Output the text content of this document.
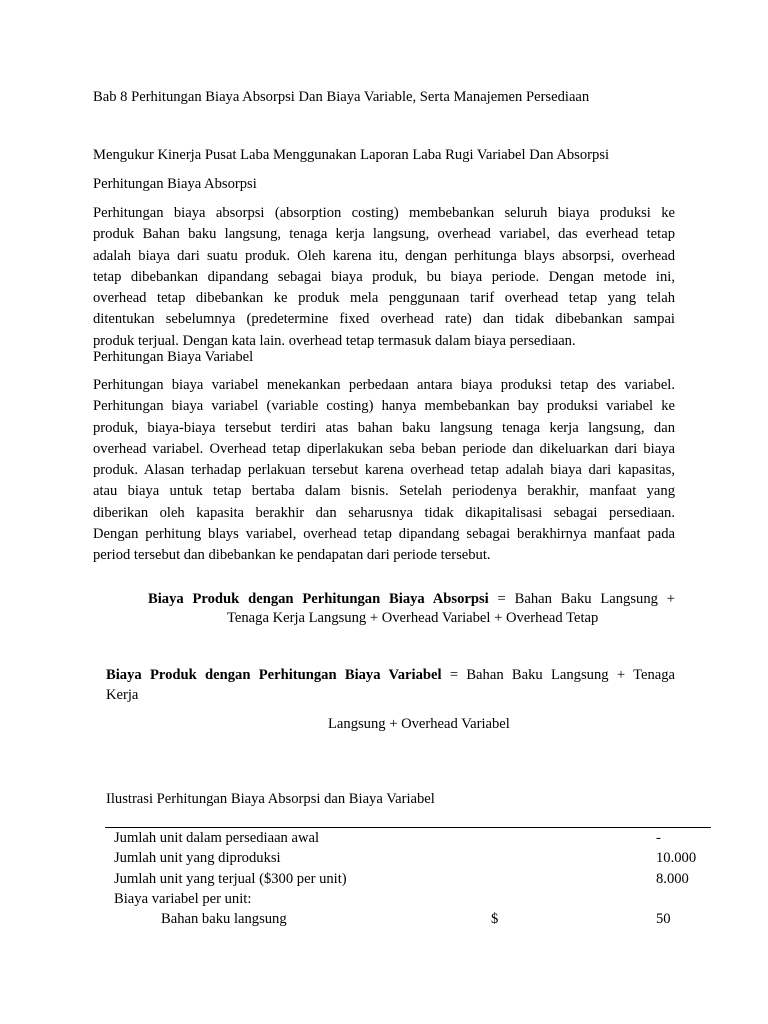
Bab 8 Perhitungan Biaya Absorpsi Dan Biaya Variable, Serta Manajemen Persediaan
Mengukur Kinerja Pusat Laba Menggunakan Laporan Laba Rugi Variabel Dan Absorpsi
Perhitungan Biaya Absorpsi
Perhitungan biaya absorpsi (absorption costing) membebankan seluruh biaya produksi ke
produk Bahan baku langsung, tenaga kerja langsung, overhead variabel, das everhead tetap
adalah biaya dari suatu produk. Oleh karena itu, dengan perhitunga blays absorpsi, overhead
tetap dibebankan dipandang sebagai biaya produk, bu biaya periode. Dengan metode ini,
overhead tetap dibebankan ke produk mela penggunaan tarif overhead tetap yang telah
ditentukan sebelumnya (predetermine fixed overhead rate) dan tidak dibebankan sampai
produk terjual. Dengan kata lain. overhead tetap termasuk dalam biaya persediaan.
Perhitungan Biaya Variabel
Perhitungan biaya variabel menekankan perbedaan antara biaya produksi tetap des variabel.
Perhitungan biaya variabel (variable costing) hanya membebankan bay produksi variabel ke
produk, biaya-biaya tersebut terdiri atas bahan baku langsung tenaga kerja langsung, dan
overhead variabel. Overhead tetap diperlakukan seba beban periode dan dikeluarkan dari biaya
produk. Alasan terhadap perlakuan tersebut karena overhead tetap adalah biaya dari kapasitas,
atau biaya untuk tetap bertaba dalam bisnis. Setelah periodenya berakhir, manfaat yang
diberikan oleh kapasita berakhir dan seharusnya tidak dikapitalisasi sebagai persediaan.
Dengan perhitung blays variabel, overhead tetap dipandang sebagai berakhirnya manfaat pada
period tersebut dan dibebankan ke pendapatan dari periode tersebut.
Biaya Produk dengan Perhitungan Biaya Absorpsi = Bahan Baku Langsung +
Tenaga Kerja Langsung + Overhead Variabel + Overhead Tetap
Biaya Produk dengan Perhitungan Biaya Variabel = Bahan Baku Langsung + Tenaga
Kerja
Langsung + Overhead Variabel
Ilustrasi Perhitungan Biaya Absorpsi dan Biaya Variabel
Jumlah unit dalam persediaan awal	-
Jumlah unit yang diproduksi	10.000
Jumlah unit yang terjual ($300 per unit)	8.000
Biaya variabel per unit:
Bahan baku langsung	$	50
